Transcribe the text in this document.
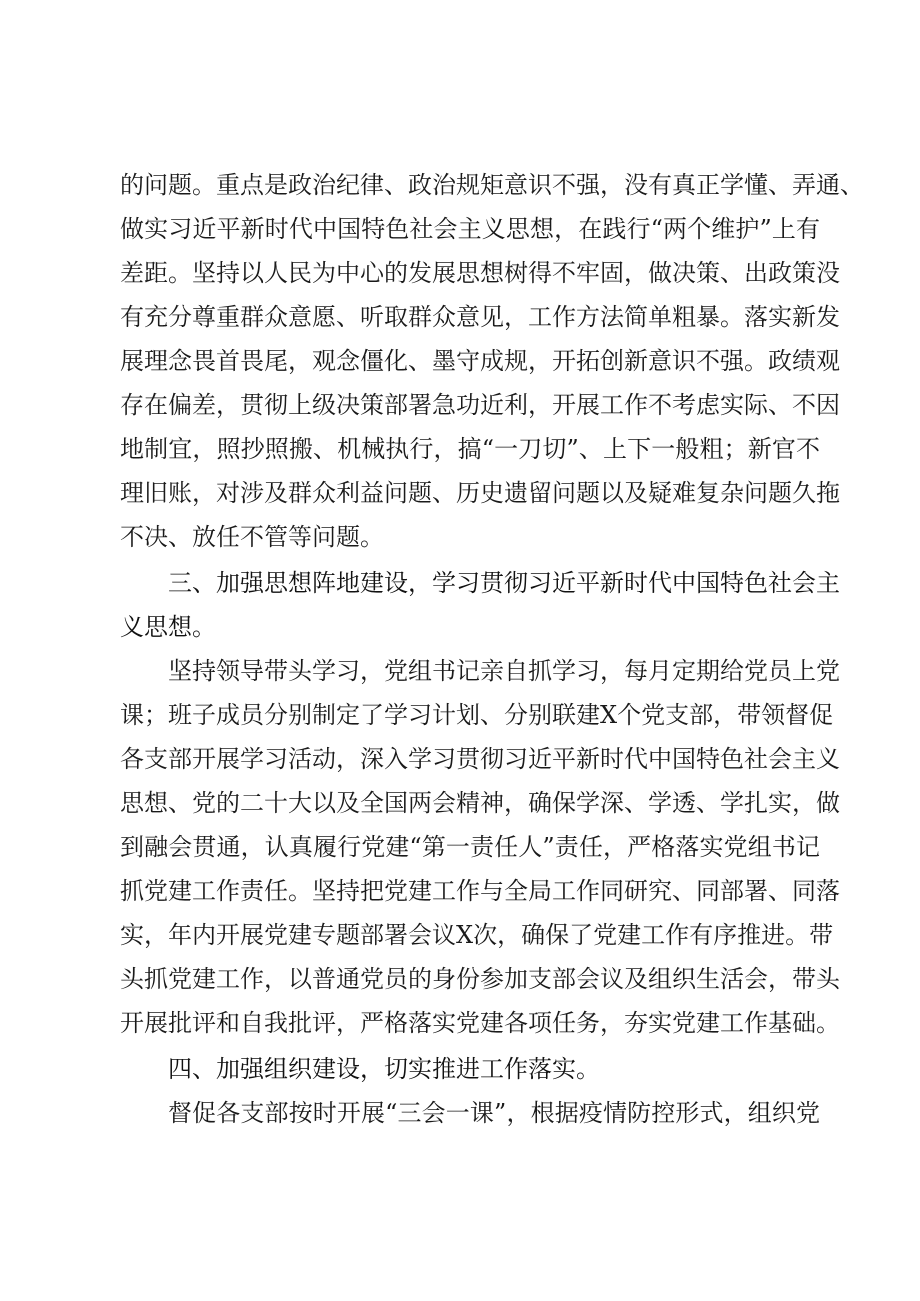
的问题。重点是政治纪律、政治规矩意识不强，没有真正学懂、弄通、
做实习近平新时代中国特色社会主义思想，在践行“两个维护”上有
差距。坚持以人民为中心的发展思想树得不牢固，做决策、出政策没
有充分尊重群众意愿、听取群众意见，工作方法简单粗暴。落实新发
展理念畏首畏尾，观念僵化、墨守成规，开拓创新意识不强。政绩观
存在偏差，贯彻上级决策部署急功近利，开展工作不考虑实际、不因
地制宜，照抄照搬、机械执行，搞“一刀切”、上下一般粗；新官不
理旧账，对涉及群众利益问题、历史遗留问题以及疑难复杂问题久拖
不决、放任不管等问题。
三、加强思想阵地建设，学习贯彻习近平新时代中国特色社会主
义思想。
坚持领导带头学习，党组书记亲自抓学习，每月定期给党员上党
课；班子成员分别制定了学习计划、分别联建X个党支部，带领督促
各支部开展学习活动，深入学习贯彻习近平新时代中国特色社会主义
思想、党的二十大以及全国两会精神，确保学深、学透、学扎实，做
到融会贯通，认真履行党建“第一责任人”责任，严格落实党组书记
抓党建工作责任。坚持把党建工作与全局工作同研究、同部署、同落
实，年内开展党建专题部署会议X次，确保了党建工作有序推进。带
头抓党建工作，以普通党员的身份参加支部会议及组织生活会，带头
开展批评和自我批评，严格落实党建各项任务，夯实党建工作基础。
四、加强组织建设，切实推进工作落实。
督促各支部按时开展“三会一课”，根据疫情防控形式，组织党
